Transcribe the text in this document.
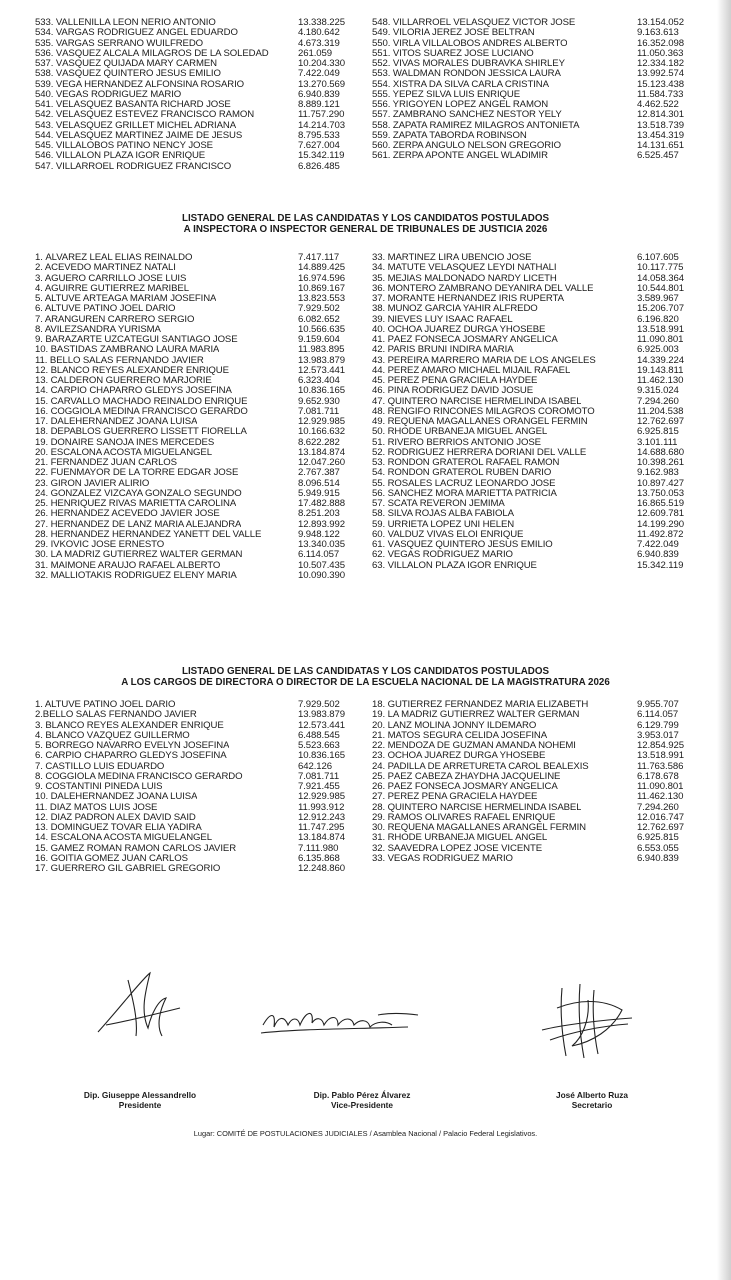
533. VALLENILLA LEÓN NERIO ANTONIO	13.338.225
534. VARGAS RODRÍGUEZ ÁNGEL EDUARDO	4.180.642
535. VARGAS SERRANO WUILFREDO	4.673.319
536. VÁSQUEZ ALCALÁ MILAGROS DE LA SOLEDAD	261.059
537. VÁSQUEZ QUIJADA MARY CARMEN	10.204.330
538. VÁSQUEZ QUINTERO JESÚS EMILIO	7.422.049
539. VEGA HERNÁNDEZ ALFONSINA ROSARIO	13.270.569
540. VEGAS RODRÍGUEZ MARIO	6.940.839
541. VELÁSQUEZ BASANTA RICHARD JOSÉ	8.889.121
542. VELÁSQUEZ ESTEVEZ FRANCISCO RAMÓN	11.757.290
543. VELÁSQUEZ GRILLET MICHEL ADRIANA	14.214.703
544. VELÁSQUEZ MARTÍNEZ JAIME DE JESÚS	8.795.533
545. VILLALOBOS PATIÑO NENCY JOSÉ	7.627.004
546. VILLALON PLAZA IGOR ENRIQUE	15.342.119
547. VILLARROEL RODRÍGUEZ FRANCISCO	6.826.485
548. VILLARROEL VELÁSQUEZ VÍCTOR JOSÉ	13.154.052
549. VILORIA JEREZ JOSÉ BELTRÁN	9.163.613
550. VIRLA VILLALOBOS ANDRÉS ALBERTO	16.352.098
551. VITOS SUÁREZ JOSÉ LUCIANO	11.050.363
552. VIVAS MORALES DUBRAVKA SHIRLEY	12.334.182
553. WALDMAN RONDÓN JESSICA LAURA	13.992.574
554. XISTRA DA SILVA CARLA CRISTINA	15.123.438
555. YEPEZ SILVA LUIS ENRIQUE	11.584.733
556. YRIGOYEN LÓPEZ ÁNGEL RAMÓN	4.462.522
557. ZAMBRANO SÁNCHEZ NESTOR YELY	12.814.301
558. ZAPATA RAMÍREZ MILAGROS ANTONIETA	13.518.739
559. ZAPATA TABORDA ROBINSÓN	13.454.319
560. ZERPA ANGULO NELSON GREGORIO	14.131.651
561. ZERPA APONTE ÁNGEL WLADIMIR	6.525.457
LISTADO GENERAL DE LAS CANDIDATAS Y LOS CANDIDATOS POSTULADOS
A INSPECTORA O INSPECTOR GENERAL DE TRIBUNALES DE JUSTICIA 2026
1. ÁLVAREZ LEAL ELÍAS REINALDO	7.417.117
2. ACEVEDO MARTÍNEZ NATALI	14.889.425
3. AGÜERO CARRILLO JOSÉ LUIS	16.974.596
4. AGUIRRE GUTIÉRREZ MARIBEL	10.869.167
5. ALTUVE ARTEAGA MARIAM JOSEFINA	13.823.553
6. ALTUVE PATIÑO JOEL DARIO	7.929.502
7. ARANGUREN CARRERO SERGIO	6.082.652
8. AVILEZSANDRA YURISMA	10.566.635
9. BARAZARTE UZCÁTEGUI SANTIAGO JOSÉ	9.159.604
10. BASTIDAS ZAMBRANO LAURA MARÍA	11.983.895
11. BELLO SALAS FERNANDO JAVIER	13.983.879
12. BLANCO REYES ALEXANDER ENRIQUE	12.573.441
13. CALDERÓN GUERRERO MARJORIE	6.323.404
14. CARPIO CHAPARRO GLEDYS JOSEFINA	10.836.165
15. CARVALLO MACHADO REINALDO ENRIQUE	9.652.930
16. COGGIOLA MEDINA FRANCISCO GERARDO	7.081.711
17. DALEHERNÁNDEZ JOANA LUISA	12.929.985
18. DEPABLOS GUERRERO LISSETT FIORELLA	10.166.632
19. DONAIRE SANOJA INÉS MERCEDES	8.622.282
20. ESCALONA ACOSTA MIGUELÁNGEL	13.184.874
21. FERNÁNDEZ JUAN CARLOS	12.047.260
22. FUENMAYOR DE LA TORRE ÉDGAR JOSÉ	2.767.387
23. GIRÓN JAVIER ALIRIO	8.096.514
24. GONZÁLEZ VIZCAYA GONZALO SEGUNDO	5.949.915
25. HENRIQUEZ RIVAS MARIETTA CAROLINA	17.482.888
26. HERNÁNDEZ ACEVEDO JAVIER JOSÉ	8.251.203
27. HERNÁNDEZ DE LANZ MARÍA ALEJANDRA	12.893.992
28. HERNÁNDEZ HERNÁNDEZ YANETT DEL VALLE	9.948.122
29. IVKOVIC JOSÉ ERNESTO	13.340.035
30. LA MADRIZ GUTIÉRREZ WALTER GERMÁN	6.114.057
31. MAIMONE ARAUJO RAFAEL ALBERTO	10.507.435
32. MALLIOTAKIS RODRÍGUEZ ELENY MARÍA	10.090.390
33. MARTÍNEZ LIRA UBENCIO JOSÉ	6.107.605
34. MATUTE VELÁSQUEZ LEYDI NATHALÍ	10.117.775
35. MEJIAS MALDONADO NARDY LICETH	14.058.364
36. MONTERO ZAMBRANO DEYANIRA DEL VALLE	10.544.801
37. MORANTE HERNÁNDEZ IRIS RUPERTA	3.589.967
38. MUÑOZ GARCÍA YAHIR ALFREDO	15.206.707
39. NIEVES LUY ISAAC RAFAEL	6.196.820
40. OCHOA JUÁREZ DURGA YHOSEBE	13.518.991
41. PÁEZ FONSECA JOSMARY ANGÉLICA	11.090.801
42. PARÍS BRUNI INDIRA MARÍA	6.925.003
43. PEREIRA MARRERO MARÍA DE LOS ÁNGELES	14.339.224
44. PÉREZ AMARO MICHAEL MIJAIL RAFAEL	19.143.811
45. PÉREZ PEÑA GRACIELA HAYDEE	11.462.130
46. PIÑA RODRÍGUEZ DAVID JOSUÉ	9.315.024
47. QUINTERO NARCISE HERMELINDA ISABEL	7.294.260
48. RENGIFO RINCONES MILAGROS COROMOTO	11.204.538
49. REQUENA MAGALLANES ORÁNGEL FERMÍN	12.762.697
50. RHODE URBANEJA MIGUEL ÁNGEL	6.925.815
51. RIVERO BERRIOS ANTONIO JOSÉ	3.101.111
52. RODRÍGUEZ HERRERA DORIANI DEL VALLE	14.688.680
53. RONDÓN GRATEROL RAFAEL RAMÓN	10.398.261
54. RONDÓN GRATEROL RUBÉN DARÍO	9.162.983
55. ROSALES LACRUZ LEONARDO JOSÉ	10.897.427
56. SÁNCHEZ MORA MARIETTA PATRICIA	13.750.053
57. SCATA REVERÓN JEMIMA	16.865.519
58. SILVA ROJAS ALBA FABIOLA	12.609.781
59. URRIETA LÓPEZ UNI HELEN	14.199.290
60. VALDUZ VIVAS ELOI ENRIQUE	11.492.872
61. VÁSQUEZ QUINTERO JESÚS EMILIO	7.422.049
62. VEGAS RODRÍGUEZ MARIO	6.940.839
63. VILLALÓN PLAZA IGOR ENRIQUE	15.342.119
LISTADO GENERAL DE LAS CANDIDATAS Y LOS CANDIDATOS POSTULADOS
A LOS CARGOS DE DIRECTORA O DIRECTOR DE LA ESCUELA NACIONAL DE LA MAGISTRATURA 2026
1. ALTUVE PATIÑO JOEL DARIO	7.929.502
2.BELLO SALAS FERNANDO JAVIER	13.983.879
3. BLANCO REYES ALEXANDER ENRIQUE	12.573.441
4. BLANCO VÁZQUEZ GUILLERMO	6.488.545
5. BORREGO NAVARRO EVELYN JOSEFINA	5.523.663
6. CARPIO CHAPARRO GLEDYS JOSEFINA	10.836.165
7. CASTILLO LUIS EDUARDO	642.126
8. COGGIOLA MEDINA FRANCISCO GERARDO	7.081.711
9. COSTANTINI PINEDA LUIS	7.921.455
10. DALEHERNÁNDEZ JOANA LUISA	12.929.985
11. DÍAZ MATOS LUIS JOSÉ	11.993.912
12. DÍAZ PADRÓN ALEX DAVID SAID	12.912.243
13. DOMÍNGUEZ TOVAR ELIA YADIRA	11.747.295
14. ESCALONA ACOSTA MIGUELÁNGEL	13.184.874
15. GÁMEZ ROMÁN RAMÓN CARLOS JAVIER	7.111.980
16. GOITIA GÓMEZ JUAN CARLOS	6.135.868
17. GUERRERO GIL GABRIEL GREGORIO	12.248.860
18. GUTIÉRREZ FERNÁNDEZ MARÍA ELIZABETH	9.955.707
19. LA MADRIZ GUTIÉRREZ WALTER GERMÁN	6.114.057
20. LANZ MOLINA JONNY ILDEMARO	6.129.799
21. MATOS SEGURA CELIDA JOSEFINA	3.953.017
22. MENDOZA DE GUZMÁN AMANDA NOHEMÍ	12.854.925
23. OCHOA JUÁREZ DURGA YHOSEBE	13.518.991
24. PADILLA DE ARRETURETA CAROL BEALEXIS	11.763.586
25. PÁEZ CABEZA ZHAYDHA JACQUELINE	6.178.678
26. PÁEZ FONSECA JOSMARY ANGÉLICA	11.090.801
27. PÉREZ PEÑA GRACIELA HAYDEE	11.462.130
28. QUINTERO NARCISE HERMELINDA ISABEL	7.294.260
29. RAMOS OLIVARES RAFAEL ENRIQUE	12.016.747
30. REQUENA MAGALLANES ARANGEL FERMÍN	12.762.697
31. RHODE URBANEJA MIGUEL ÁNGEL	6.925.815
32. SAAVEDRA LÓPEZ JOSÉ VICENTE	6.553.055
33. VEGAS RODRÍGUEZ MARIO	6.940.839
Dip. Giuseppe Alessandrello
Presidente
Dip. Pablo Pérez Álvarez
Vice-Presidente
José Alberto Ruza
Secretario
Lugar: COMITÉ DE POSTULACIONES JUDICIALES / Asamblea Nacional / Palacio Federal Legislativos.
